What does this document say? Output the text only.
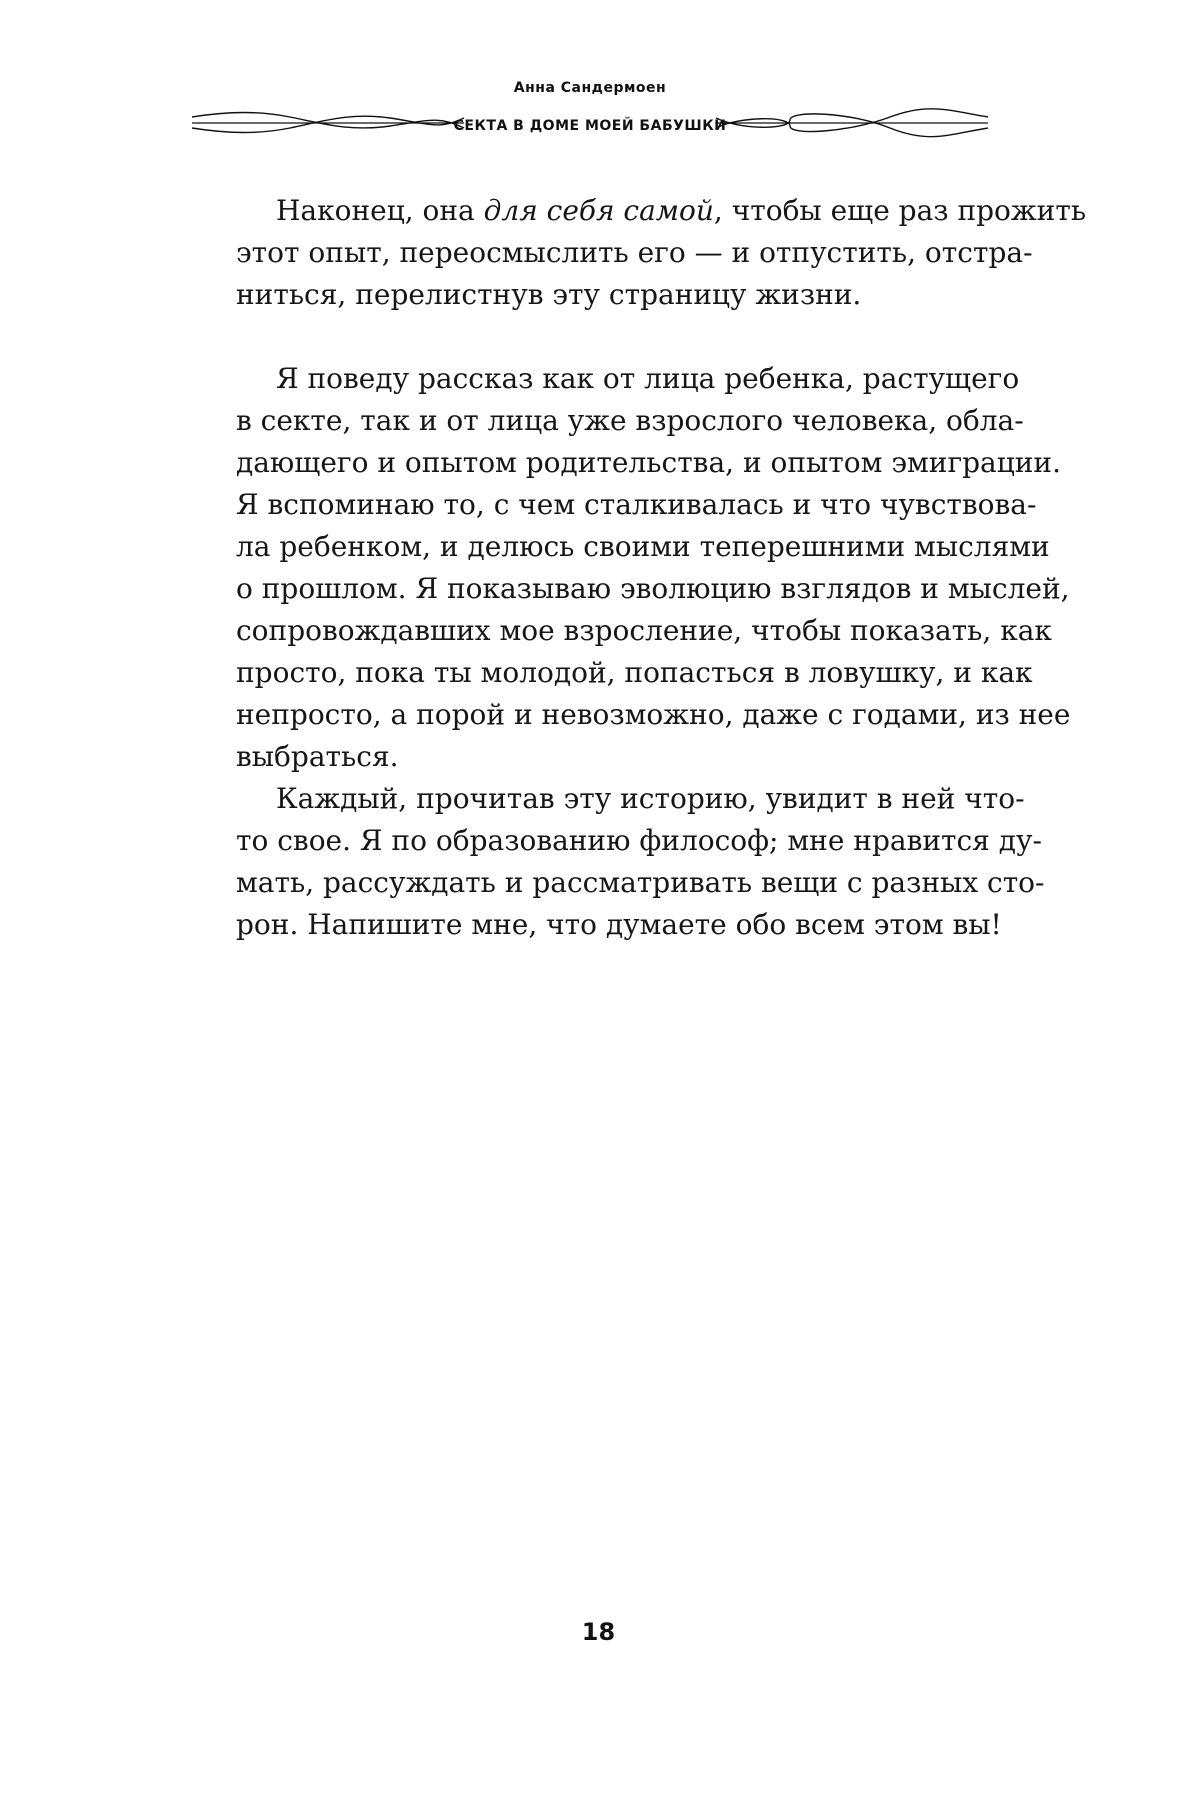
Анна Сандермоен
СЕКТА В ДОМЕ МОЕЙ БАБУШКИ
Наконец, она для себя самой, чтобы еще раз прожить
этот опыт, переосмыслить его — и отпустить, отстра-
ниться, перелистнув эту страницу жизни.
Я поведу рассказ как от лица ребенка, растущего
в секте, так и от лица уже взрослого человека, обла-
дающего и опытом родительства, и опытом эмиграции.
Я вспоминаю то, с чем сталкивалась и что чувствова-
ла ребенком, и делюсь своими теперешними мыслями
о прошлом. Я показываю эволюцию взглядов и мыслей,
сопровождавших мое взросление, чтобы показать, как
просто, пока ты молодой, попасться в ловушку, и как
непросто, а порой и невозможно, даже с годами, из нее
выбраться.
Каждый, прочитав эту историю, увидит в ней что-
то свое. Я по образованию философ; мне нравится ду-
мать, рассуждать и рассматривать вещи с разных сто-
рон. Напишите мне, что думаете обо всем этом вы!
18
